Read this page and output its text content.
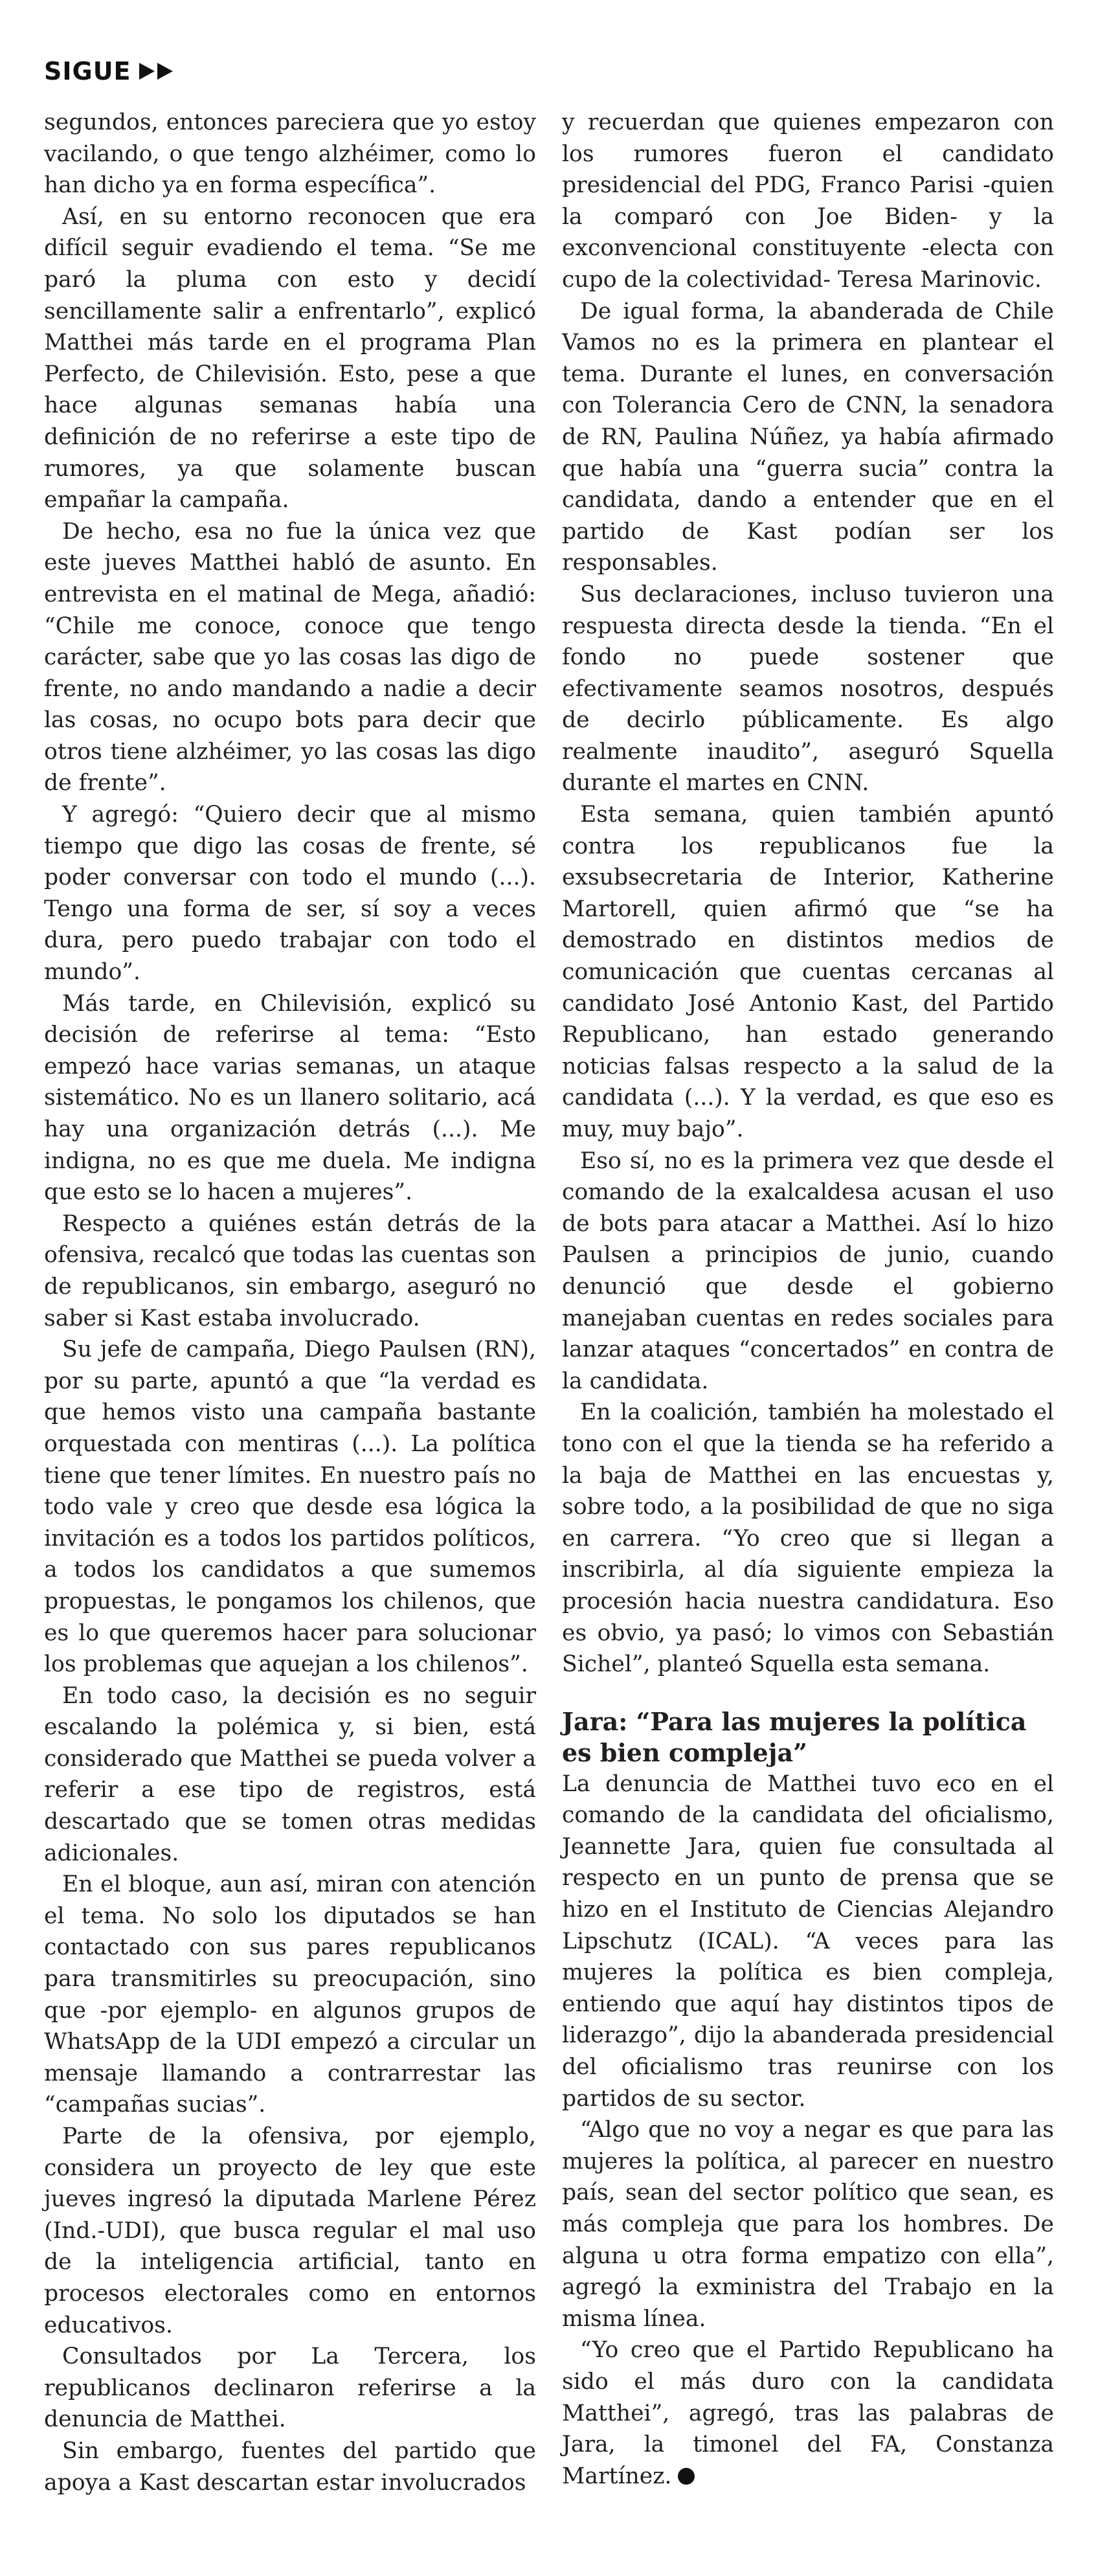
SIGUE

segundos, entonces pareciera que yo estoy vacilando, o que tengo alzhéimer, como lo han dicho ya en forma específica”.

Así, en su entorno reconocen que era difícil seguir evadiendo el tema. “Se me paró la pluma con esto y decidí sencillamente salir a enfrentarlo”, explicó Matthei más tarde en el programa Plan Perfecto, de Chilevisión. Esto, pese a que hace algunas semanas había una definición de no referirse a este tipo de rumores, ya que solamente buscan empañar la campaña.

De hecho, esa no fue la única vez que este jueves Matthei habló de asunto. En entrevista en el matinal de Mega, añadió: “Chile me conoce, conoce que tengo carácter, sabe que yo las cosas las digo de frente, no ando mandando a nadie a decir las cosas, no ocupo bots para decir que otros tiene alzhéimer, yo las cosas las digo de frente”.

Y agregó: “Quiero decir que al mismo tiempo que digo las cosas de frente, sé poder conversar con todo el mundo (...). Tengo una forma de ser, sí soy a veces dura, pero puedo trabajar con todo el mundo”.

Más tarde, en Chilevisión, explicó su decisión de referirse al tema: “Esto empezó hace varias semanas, un ataque sistemático. No es un llanero solitario, acá hay una organización detrás (...). Me indigna, no es que me duela. Me indigna que esto se lo hacen a mujeres”.

Respecto a quiénes están detrás de la ofensiva, recalcó que todas las cuentas son de republicanos, sin embargo, aseguró no saber si Kast estaba involucrado.

Su jefe de campaña, Diego Paulsen (RN), por su parte, apuntó a que “la verdad es que hemos visto una campaña bastante orquestada con mentiras (...). La política tiene que tener límites. En nuestro país no todo vale y creo que desde esa lógica la invitación es a todos los partidos políticos, a todos los candidatos a que sumemos propuestas, le pongamos los chilenos, que es lo que queremos hacer para solucionar los problemas que aquejan a los chilenos”.

En todo caso, la decisión es no seguir escalando la polémica y, si bien, está considerado que Matthei se pueda volver a referir a ese tipo de registros, está descartado que se tomen otras medidas adicionales.

En el bloque, aun así, miran con atención el tema. No solo los diputados se han contactado con sus pares republicanos para transmitirles su preocupación, sino que -por ejemplo- en algunos grupos de WhatsApp de la UDI empezó a circular un mensaje llamando a contrarrestar las “campañas sucias”.

Parte de la ofensiva, por ejemplo, considera un proyecto de ley que este jueves ingresó la diputada Marlene Pérez (Ind.-UDI), que busca regular el mal uso de la inteligencia artificial, tanto en procesos electorales como en entornos educativos.

Consultados por La Tercera, los republicanos declinaron referirse a la denuncia de Matthei.

Sin embargo, fuentes del partido que apoya a Kast descartan estar involucrados

y recuerdan que quienes empezaron con los rumores fueron el candidato presidencial del PDG, Franco Parisi -quien la comparó con Joe Biden- y la exconvencional constituyente -electa con cupo de la colectividad- Teresa Marinovic.

De igual forma, la abanderada de Chile Vamos no es la primera en plantear el tema. Durante el lunes, en conversación con Tolerancia Cero de CNN, la senadora de RN, Paulina Núñez, ya había afirmado que había una “guerra sucia” contra la candidata, dando a entender que en el partido de Kast podían ser los responsables.

Sus declaraciones, incluso tuvieron una respuesta directa desde la tienda. “En el fondo no puede sostener que efectivamente seamos nosotros, después de decirlo públicamente. Es algo realmente inaudito”, aseguró Squella durante el martes en CNN.

Esta semana, quien también apuntó contra los republicanos fue la exsubsecretaria de Interior, Katherine Martorell, quien afirmó que “se ha demostrado en distintos medios de comunicación que cuentas cercanas al candidato José Antonio Kast, del Partido Republicano, han estado generando noticias falsas respecto a la salud de la candidata (...). Y la verdad, es que eso es muy, muy bajo”.

Eso sí, no es la primera vez que desde el comando de la exalcaldesa acusan el uso de bots para atacar a Matthei. Así lo hizo Paulsen a principios de junio, cuando denunció que desde el gobierno manejaban cuentas en redes sociales para lanzar ataques “concertados” en contra de la candidata.

En la coalición, también ha molestado el tono con el que la tienda se ha referido a la baja de Matthei en las encuestas y, sobre todo, a la posibilidad de que no siga en carrera. “Yo creo que si llegan a inscribirla, al día siguiente empieza la procesión hacia nuestra candidatura. Eso es obvio, ya pasó; lo vimos con Sebastián Sichel”, planteó Squella esta semana.

Jara: “Para las mujeres la política es bien compleja”

La denuncia de Matthei tuvo eco en el comando de la candidata del oficialismo, Jeannette Jara, quien fue consultada al respecto en un punto de prensa que se hizo en el Instituto de Ciencias Alejandro Lipschutz (ICAL). “A veces para las mujeres la política es bien compleja, entiendo que aquí hay distintos tipos de liderazgo”, dijo la abanderada presidencial del oficialismo tras reunirse con los partidos de su sector.

“Algo que no voy a negar es que para las mujeres la política, al parecer en nuestro país, sean del sector político que sean, es más compleja que para los hombres. De alguna u otra forma empatizo con ella”, agregó la exministra del Trabajo en la misma línea.

“Yo creo que el Partido Republicano ha sido el más duro con la candidata Matthei”, agregó, tras las palabras de Jara, la timonel del FA, Constanza Martínez.
